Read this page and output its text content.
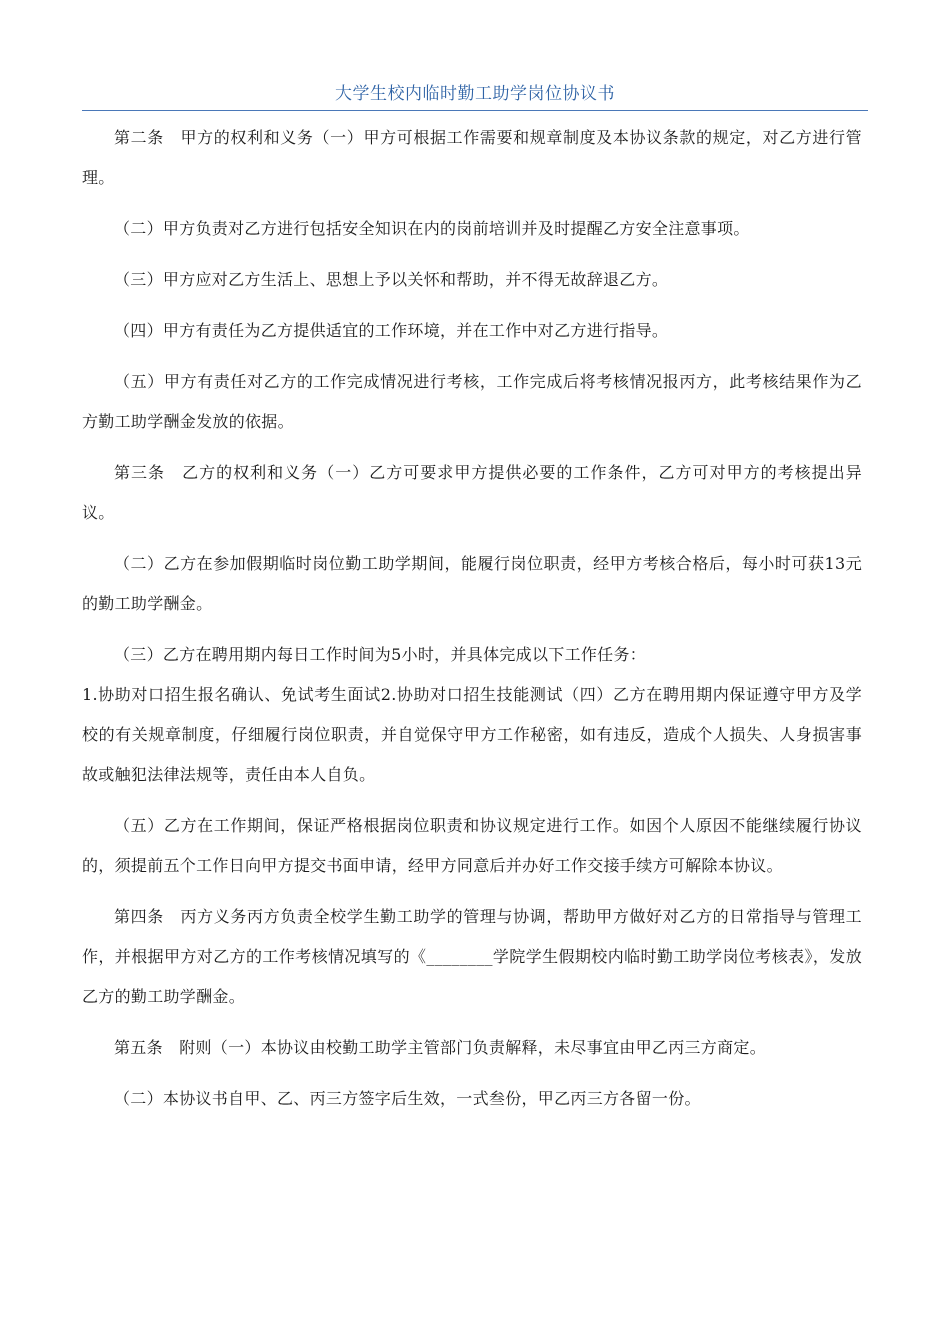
大学生校内临时勤工助学岗位协议书

第二条　甲方的权利和义务（一）甲方可根据工作需要和规章制度及本协议条款的规定，对乙方进行管理。

（二）甲方负责对乙方进行包括安全知识在内的岗前培训并及时提醒乙方安全注意事项。

（三）甲方应对乙方生活上、思想上予以关怀和帮助，并不得无故辞退乙方。

（四）甲方有责任为乙方提供适宜的工作环境，并在工作中对乙方进行指导。

（五）甲方有责任对乙方的工作完成情况进行考核，工作完成后将考核情况报丙方，此考核结果作为乙方勤工助学酬金发放的依据。

第三条　乙方的权利和义务（一）乙方可要求甲方提供必要的工作条件，乙方可对甲方的考核提出异议。

（二）乙方在参加假期临时岗位勤工助学期间，能履行岗位职责，经甲方考核合格后，每小时可获13元的勤工助学酬金。

（三）乙方在聘用期内每日工作时间为5小时，并具体完成以下工作任务：

1.协助对口招生报名确认、免试考生面试2.协助对口招生技能测试（四）乙方在聘用期内保证遵守甲方及学校的有关规章制度，仔细履行岗位职责，并自觉保守甲方工作秘密，如有违反，造成个人损失、人身损害事故或触犯法律法规等，责任由本人自负。

（五）乙方在工作期间，保证严格根据岗位职责和协议规定进行工作。如因个人原因不能继续履行协议的，须提前五个工作日向甲方提交书面申请，经甲方同意后并办好工作交接手续方可解除本协议。

第四条　丙方义务丙方负责全校学生勤工助学的管理与协调，帮助甲方做好对乙方的日常指导与管理工作，并根据甲方对乙方的工作考核情况填写的《________学院学生假期校内临时勤工助学岗位考核表》，发放乙方的勤工助学酬金。

第五条　附则（一）本协议由校勤工助学主管部门负责解释，未尽事宜由甲乙丙三方商定。

（二）本协议书自甲、乙、丙三方签字后生效，一式叁份，甲乙丙三方各留一份。
